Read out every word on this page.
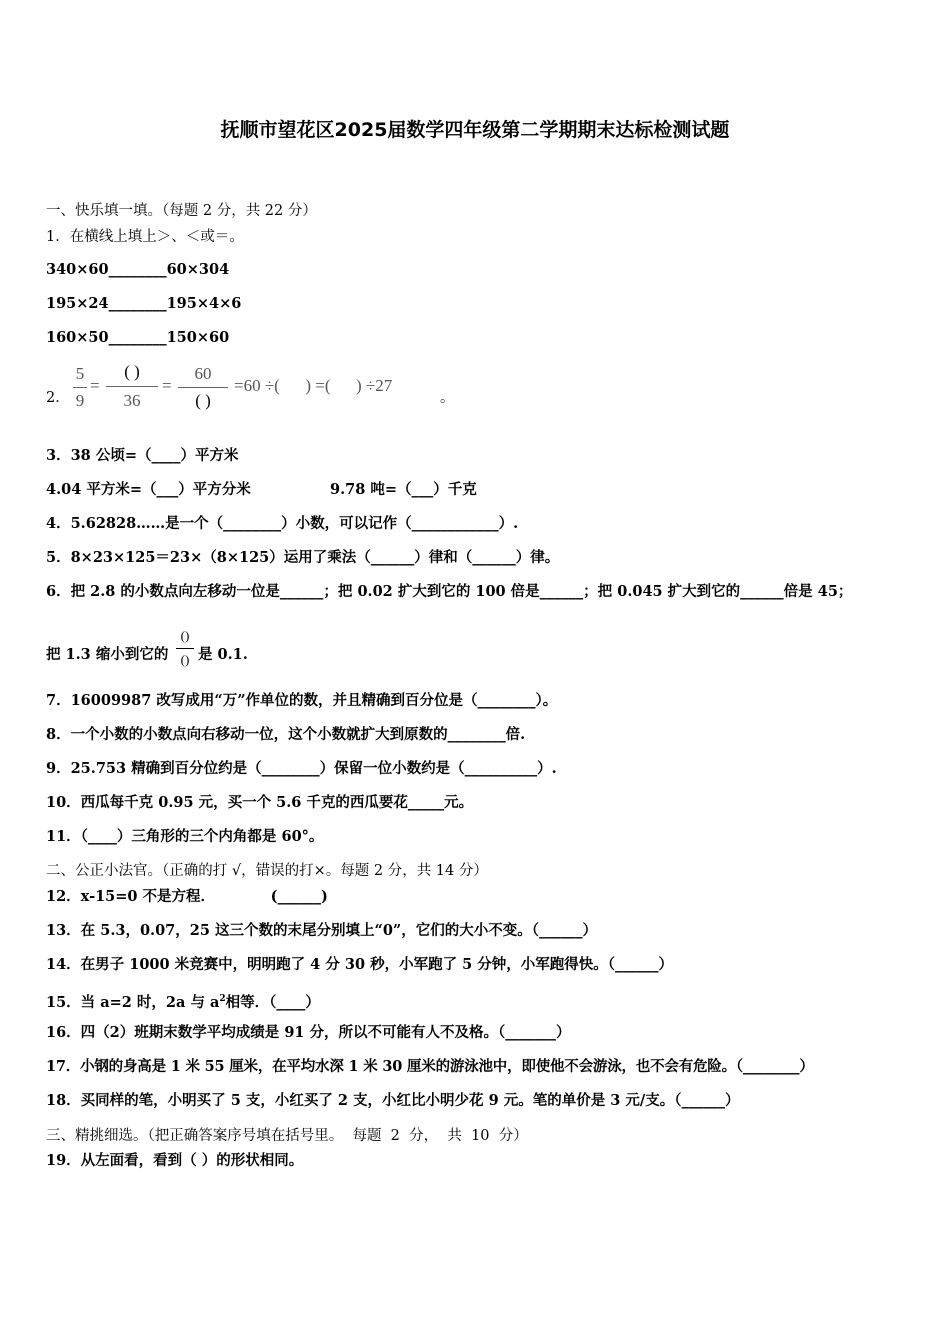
抚顺市望花区2025届数学四年级第二学期期末达标检测试题
一、快乐填一填。（每题 2 分，共 22 分）
1．在横线上填上＞、＜或＝。
340×60________60×304
195×24________195×4×6
160×50________150×60
2．
5
9
=
( )
36
=
60
( )
=60 ÷(      ) =(      ) ÷27
。
3．38 公顷=（____）平方米
4.04 平方米=（___）平方分米	9.78 吨=（___）千克
4．5.62828……是一个（________）小数，可以记作（____________）.
5．8×23×125＝23×（8×125）运用了乘法（______）律和（______）律。
6．把 2.8 的小数点向左移动一位是______；把 0.02 扩大到它的 100 倍是______；把 0.045 扩大到它的______倍是 45；
把 1.3 缩小到它的
()
() 是 0.1.
7．16009987 改写成用“万”作单位的数，并且精确到百分位是（________）。
8．一个小数的小数点向右移动一位，这个小数就扩大到原数的________倍.
9．25.753 精确到百分位约是（________）保留一位小数约是（__________）.
10．西瓜每千克 0.95 元，买一个 5.6 千克的西瓜要花_____元。
11．（____）三角形的三个内角都是 60°。
二、公正小法官。（正确的打 √，错误的打×。每题 2 分，共 14 分）
12．x-15=0 不是方程．           (______)
13．在 5.3，0.07，25 这三个数的末尾分别填上“0”，它们的大小不变。（______）
14．在男子 1000 米竞赛中，明明跑了 4 分 30 秒，小军跑了 5 分钟，小军跑得快。（______）
15．当 a=2 时，2a 与 $a^2$相等．（____）
16．四（2）班期末数学平均成绩是 91 分，所以不可能有人不及格。（_______）
17．小钢的身高是 1 米 55 厘米，在平均水深 1 米 30 厘米的游泳池中，即使他不会游泳，也不会有危险。（________）
18．买同样的笔，小明买了 5 支，小红买了 2 支，小红比小明少花 9 元。笔的单价是 3 元/支。（______）
三、精挑细选。（把正确答案序号填在括号里。  每题  2  分，  共  10  分）
19．从左面看，看到（ ）的形状相同。
